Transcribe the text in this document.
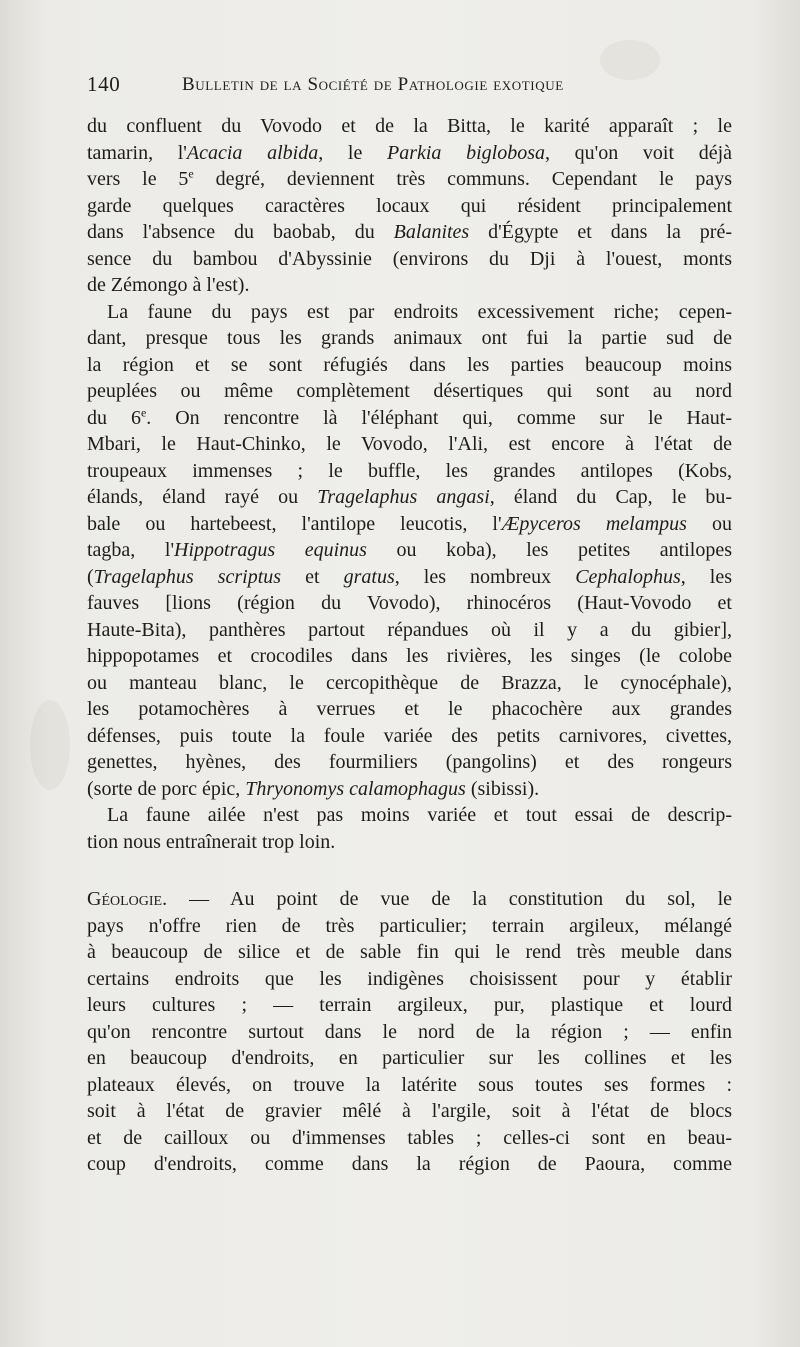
140	Bulletin de la Société de Pathologie exotique
du confluent du Vovodo et de la Bitta, le karité apparaît ; le
tamarin, l'Acacia albida, le Parkia biglobosa, qu'on voit déjà
vers le 5e degré, deviennent très communs. Cependant le pays
garde quelques caractères locaux qui résident principalement
dans l'absence du baobab, du Balanites d'Égypte et dans la pré-
sence du bambou d'Abyssinie (environs du Dji à l'ouest, monts
de Zémongo à l'est).
 La faune du pays est par endroits excessivement riche; cepen-
dant, presque tous les grands animaux ont fui la partie sud de
la région et se sont réfugiés dans les parties beaucoup moins
peuplées ou même complètement désertiques qui sont au nord
du 6e. On rencontre là l'éléphant qui, comme sur le Haut-
Mbari, le Haut-Chinko, le Vovodo, l'Ali, est encore à l'état de
troupeaux immenses ; le buffle, les grandes antilopes (Kobs,
élands, éland rayé ou Tragelaphus angasi, éland du Cap, le bu-
bale ou hartebeest, l'antilope leucotis, l'Æpyceros melampus ou
tagba, l'Hippotragus equinus ou koba), les petites antilopes
(Tragelaphus scriptus et gratus, les nombreux Cephalophus, les
fauves [lions (région du Vovodo), rhinocéros (Haut-Vovodo et
Haute-Bita), panthères partout répandues où il y a du gibier],
hippopotames et crocodiles dans les rivières, les singes (le colobe
ou manteau blanc, le cercopithèque de Brazza, le cynocéphale),
les potamochères à verrues et le phacochère aux grandes
défenses, puis toute la foule variée des petits carnivores, civettes,
genettes, hyènes, des fourmiliers (pangolins) et des rongeurs
(sorte de porc épic, Thryonomys calamophagus (sibissi).
 La faune ailée n'est pas moins variée et tout essai de descrip-
tion nous entraînerait trop loin.
Géologie. — Au point de vue de la constitution du sol, le
pays n'offre rien de très particulier; terrain argileux, mélangé
à beaucoup de silice et de sable fin qui le rend très meuble dans
certains endroits que les indigènes choisissent pour y établir
leurs cultures ; — terrain argileux, pur, plastique et lourd
qu'on rencontre surtout dans le nord de la région ; — enfin
en beaucoup d'endroits, en particulier sur les collines et les
plateaux élevés, on trouve la latérite sous toutes ses formes :
soit à l'état de gravier mêlé à l'argile, soit à l'état de blocs
et de cailloux ou d'immenses tables ; celles-ci sont en beau-
coup d'endroits, comme dans la région de Paoura, comme
